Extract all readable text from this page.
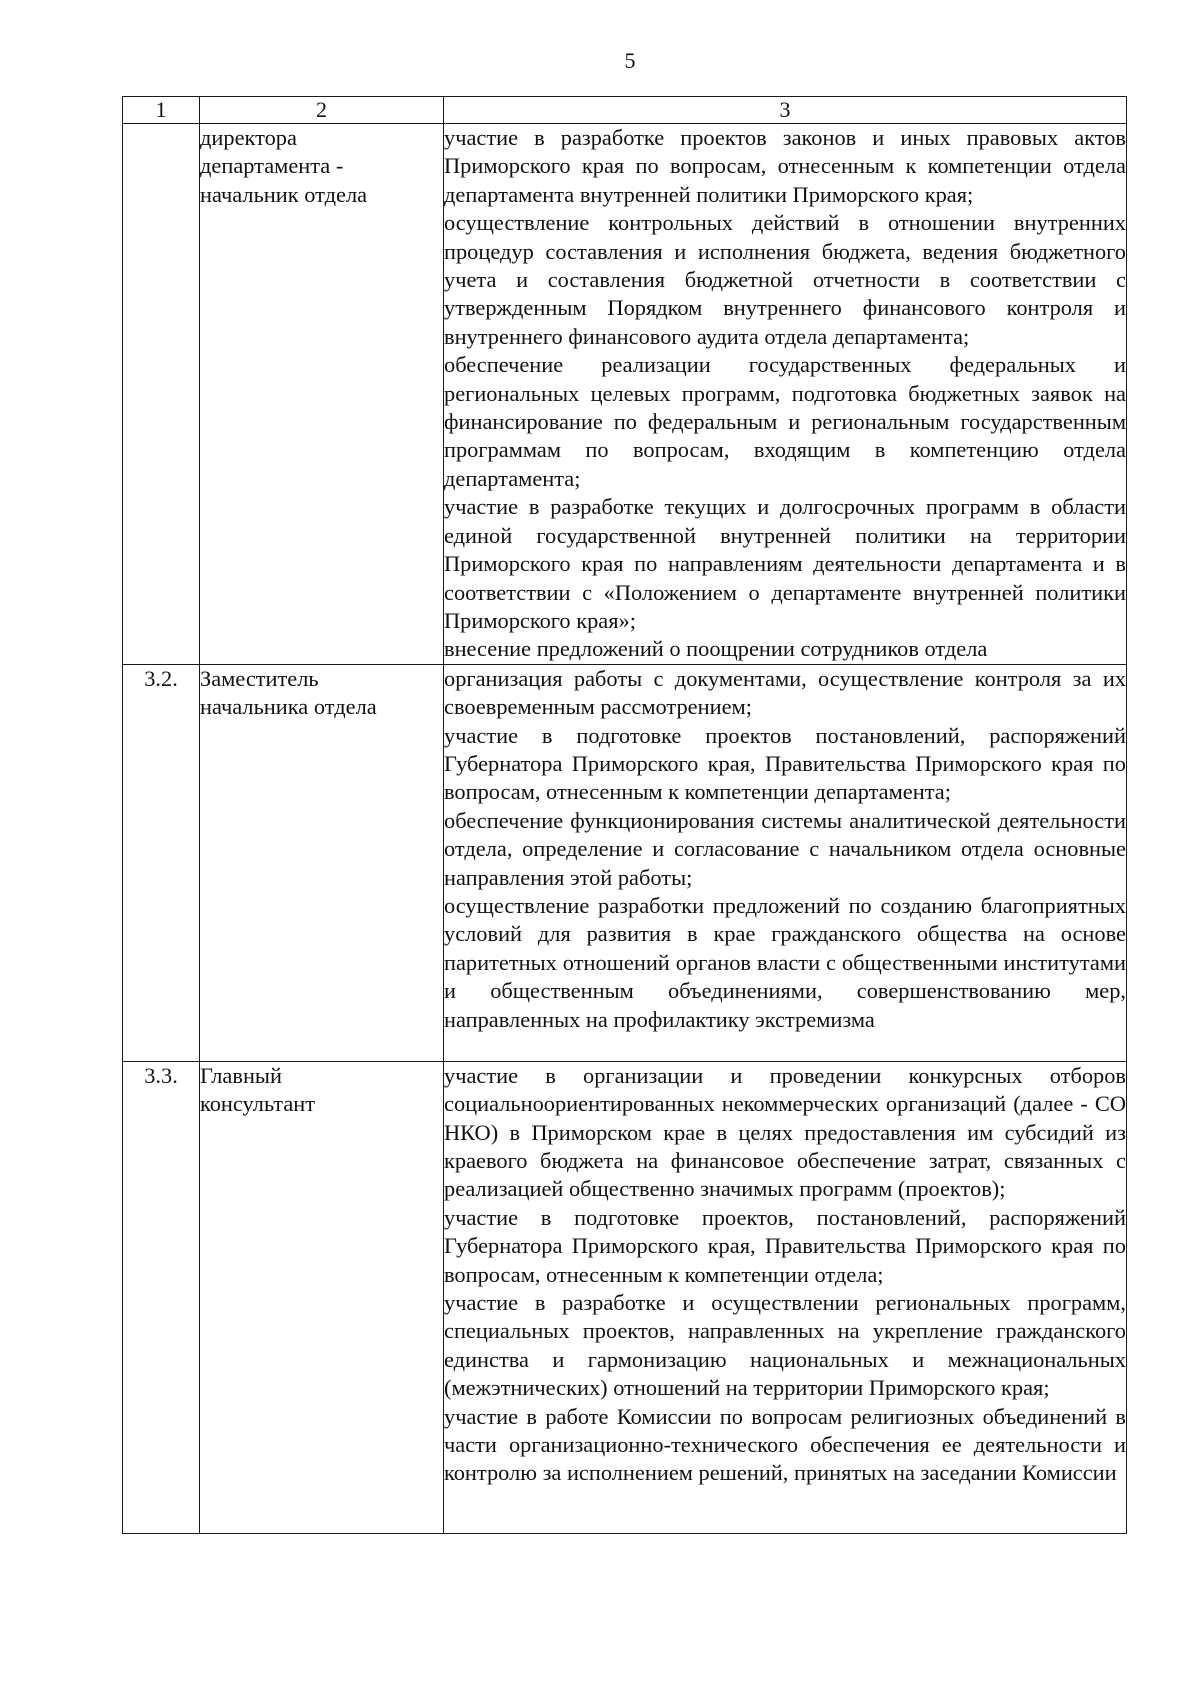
5
1	2	3

	директора департамента - начальник отдела	участие в разработке проектов законов и иных правовых актов Приморского края по вопросам, отнесенным к компетенции отдела департамента внутренней политики Приморского края;
осуществление контрольных действий в отношении внутренних процедур составления и исполнения бюджета, ведения бюджетного учета и составления бюджетной отчетности в соответствии с утвержденным Порядком внутреннего финансового контроля и внутреннего финансового аудита отдела департамента;
обеспечение реализации государственных федеральных и региональных целевых программ, подготовка бюджетных заявок на финансирование по федеральным и региональным государственным программам по вопросам, входящим в компетенцию отдела департамента;
участие в разработке текущих и долгосрочных программ в области единой государственной внутренней политики на территории Приморского края по направлениям деятельности департамента и в соответствии с «Положением о департаменте внутренней политики Приморского края»;
внесение предложений о поощрении сотрудников отдела

3.2.	Заместитель начальника отдела	организация работы с документами, осуществление контроля за их своевременным рассмотрением;
участие в подготовке проектов постановлений, распоряжений Губернатора Приморского края, Правительства Приморского края по вопросам, отнесенным к компетенции департамента;
обеспечение функционирования системы аналитической деятельности отдела, определение и согласование с начальником отдела основные направления этой работы;
осуществление разработки предложений по созданию благоприятных условий для развития в крае гражданского общества на основе паритетных отношений органов власти с общественными институтами и общественным объединениями, совершенствованию мер, направленных на профилактику экстремизма

3.3.	Главный консультант	участие в организации и проведении конкурсных отборов социальноориентированных некоммерческих организаций (далее - СО НКО) в Приморском крае в целях предоставления им субсидий из краевого бюджета на финансовое обеспечение затрат, связанных с реализацией общественно значимых программ (проектов);
участие в подготовке проектов, постановлений, распоряжений Губернатора Приморского края, Правительства Приморского края по вопросам, отнесенным к компетенции отдела;
участие в разработке и осуществлении региональных программ, специальных проектов, направленных на укрепление гражданского единства и гармонизацию национальных и межнациональных (межэтнических) отношений на территории Приморского края;
участие в работе Комиссии по вопросам религиозных объединений в части организационно-технического обеспечения ее деятельности и контролю за исполнением решений, принятых на заседании Комиссии
